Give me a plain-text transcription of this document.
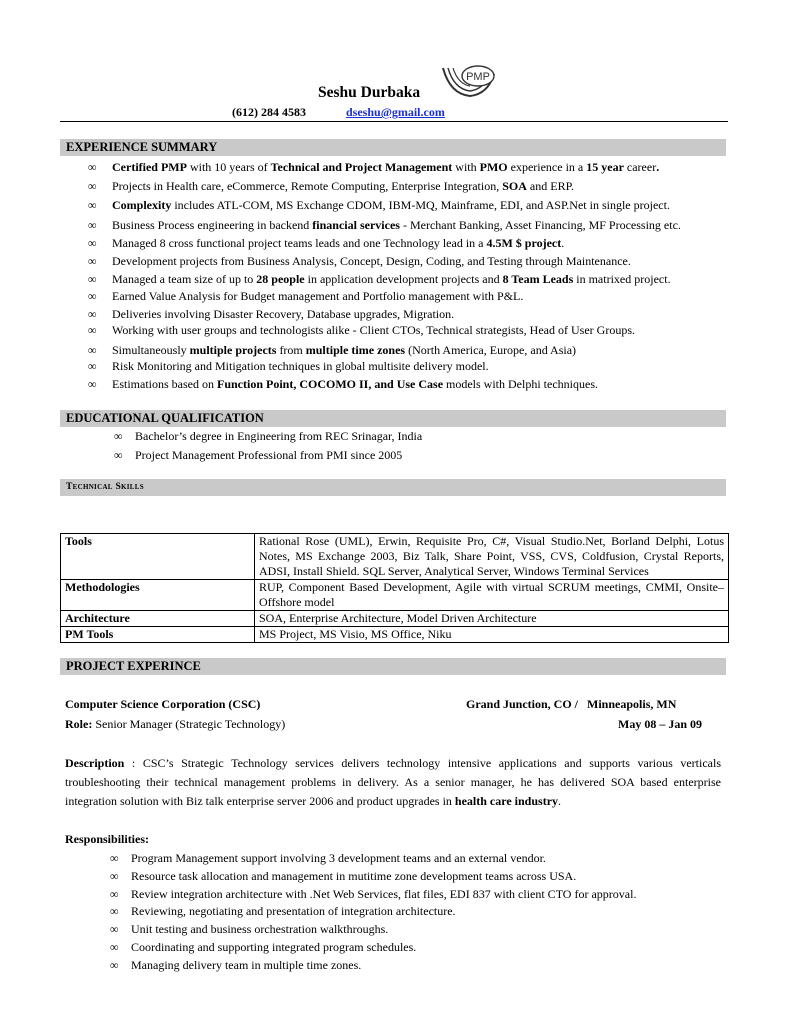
Seshu Durbaka
PMP
(612) 284 4583	dseshu@gmail.com
EXPERIENCE SUMMARY
∞ Certified PMP with 10 years of Technical and Project Management with PMO experience in a 15 year career.
∞ Projects in Health care, eCommerce, Remote Computing, Enterprise Integration, SOA and ERP.
∞ Complexity includes ATL-COM, MS Exchange CDOM, IBM-MQ, Mainframe, EDI, and ASP.Net in single project.
∞ Business Process engineering in backend financial services - Merchant Banking, Asset Financing, MF Processing etc.
∞ Managed 8 cross functional project teams leads and one Technology lead in a 4.5M $ project.
∞ Development projects from Business Analysis, Concept, Design, Coding, and Testing through Maintenance.
∞ Managed a team size of up to 28 people in application development projects and 8 Team Leads in matrixed project.
∞ Earned Value Analysis for Budget management and Portfolio management with P&L.
∞ Deliveries involving Disaster Recovery, Database upgrades, Migration.
∞ Working with user groups and technologists alike - Client CTOs, Technical strategists, Head of User Groups.
∞ Simultaneously multiple projects from multiple time zones (North America, Europe, and Asia)
∞ Risk Monitoring and Mitigation techniques in global multisite delivery model.
∞ Estimations based on Function Point, COCOMO II, and Use Case models with Delphi techniques.
EDUCATIONAL QUALIFICATION
∞ Bachelor’s degree in Engineering from REC Srinagar, India
∞ Project Management Professional from PMI since 2005
Technical Skills
Tools	Rational Rose (UML), Erwin, Requisite Pro, C#, Visual Studio.Net, Borland Delphi, Lotus Notes, MS Exchange 2003, Biz Talk, Share Point, VSS, CVS, Coldfusion, Crystal Reports, ADSI, Install Shield. SQL Server, Analytical Server, Windows Terminal Services
Methodologies	RUP, Component Based Development, Agile with virtual SCRUM meetings, CMMI, Onsite–Offshore model
Architecture	SOA, Enterprise Architecture, Model Driven Architecture
PM Tools	MS Project, MS Visio, MS Office, Niku
PROJECT EXPERINCE
Computer Science Corporation (CSC)	Grand Junction, CO /   Minneapolis, MN
Role: Senior Manager (Strategic Technology)	May 08 – Jan 09
Description : CSC’s Strategic Technology services delivers technology intensive applications and supports various verticals troubleshooting their technical management problems in delivery. As a senior manager, he has delivered SOA based enterprise integration solution with Biz talk enterprise server 2006 and product upgrades in health care industry.
Responsibilities:
∞ Program Management support involving 3 development teams and an external vendor.
∞ Resource task allocation and management in mutitime zone development teams across USA.
∞ Review integration architecture with .Net Web Services, flat files, EDI 837 with client CTO for approval.
∞ Reviewing, negotiating and presentation of integration architecture.
∞ Unit testing and business orchestration walkthroughs.
∞ Coordinating and supporting integrated program schedules.
∞ Managing delivery team in multiple time zones.
